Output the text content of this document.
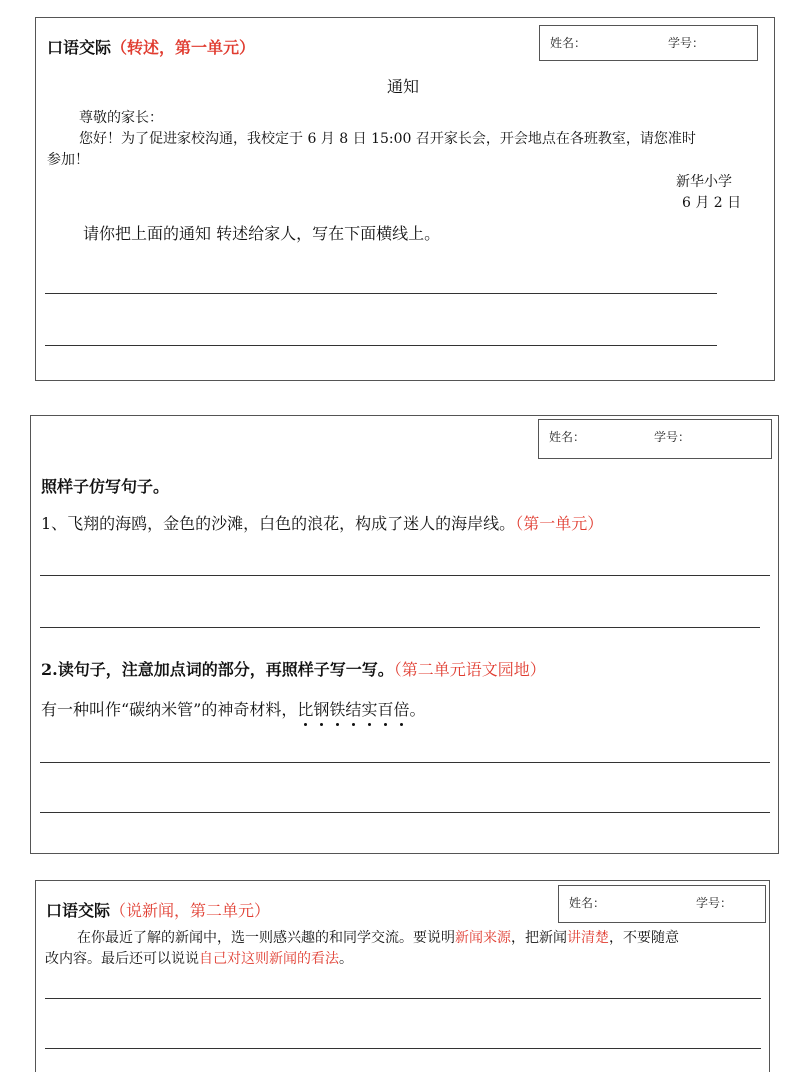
口语交际（转述，第一单元）	姓名：	学号：
通知
尊敬的家长：
您好！为了促进家校沟通，我校定于 6 月 8 日 15:00 召开家长会，开会地点在各班教室，请您准时
参加！
新华小学
6 月 2 日
请你把上面的通知 转述给家人，写在下面横线上。
姓名：	学号：
照样子仿写句子。
1、飞翔的海鸥，金色的沙滩，白色的浪花，构成了迷人的海岸线。（第一单元）
2.读句子，注意加点词的部分，再照样子写一写。（第二单元语文园地）
有一种叫作“碳纳米管”的神奇材料，比钢铁结实百倍。
口语交际（说新闻，第二单元）	姓名：	学号：
在你最近了解的新闻中，选一则感兴趣的和同学交流。要说明新闻来源，把新闻讲清楚，不要随意
改内容。最后还可以说说自己对这则新闻的看法。
